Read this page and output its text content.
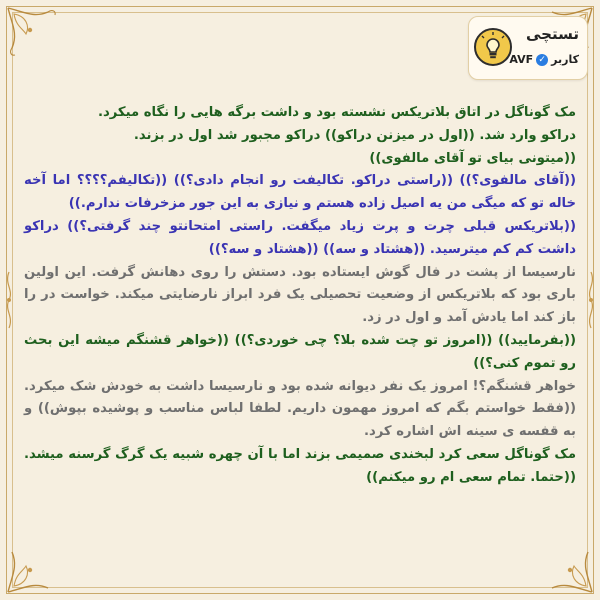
تستچی
کاربر
✓
AVF

مک گوناگل در اتاق بلاتریکس نشسته بود و داشت برگه هایی را نگاه میکرد.

دراکو وارد شد. ((اول در میزنن دراکو)) دراکو مجبور شد اول در بزند.

((میتونی بیای تو آقای مالفوی))

((آقای مالفوی؟)) ((راستی دراکو. تکالیفت رو انجام دادی؟)) ((تکالیفم؟؟؟؟ اما آخه خاله تو که میگی من یه اصیل زاده هستم و نیازی به این جور مزخرفات ندارم.))

((بلاتریکس قبلی چرت و پرت زیاد میگفت. راستی امتحانتو چند گرفتی؟)) دراکو داشت کم کم میترسید. ((هشتاد و سه)) ((هشتاد و سه؟))

نارسیسا از پشت در فال گوش ایستاده بود. دستش را روی دهانش گرفت. این اولین باری بود که بلاتریکس از وضعیت تحصیلی یک فرد ابراز نارضایتی میکند. خواست در را باز کند اما یادش آمد و اول در زد.

((بفرمایید)) ((امروز تو چت شده بلا؟ چی خوردی؟)) ((خواهر قشنگم میشه این بحث رو تموم کنی؟))

خواهر قشنگم؟! امروز یک نفر دیوانه شده بود و نارسیسا داشت به خودش شک میکرد. ((فقط خواستم بگم که امروز مهمون داریم. لطفا لباس مناسب و پوشیده بپوش)) و به قفسه ی سینه اش اشاره کرد.

مک گوناگل سعی کرد لبخندی صمیمی بزند اما با آن چهره شبیه یک گرگ گرسنه میشد. ((حتما. تمام سعی ام رو میکنم))
